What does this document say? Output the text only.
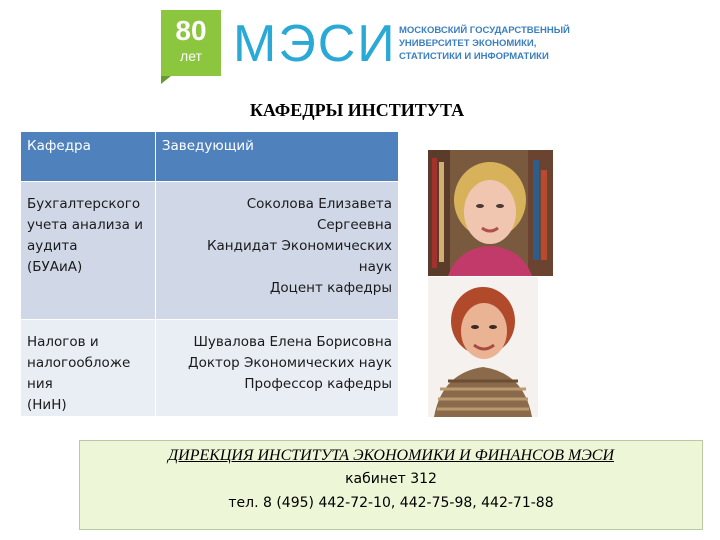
80
лет МЭСИ МОСКОВСКИЙ ГОСУДАРСТВЕННЫЙ
УНИВЕРСИТЕТ ЭКОНОМИКИ,
СТАТИСТИКИ И ИНФОРМАТИКИ
КАФЕДРЫ ИНСТИТУТА
Кафедра	Заведующий

Бухгалтерского
учета анализа и
аудита
(БУАиА)	Соколова Елизавета
Сергеевна
Кандидат Экономических
наук
Доцент кафедры

Налогов и
налогообложе
ния
(НиН)	Шувалова Елена Борисовна
Доктор Экономических наук
Профессор кафедры
ДИРЕКЦИЯ ИНСТИТУТА ЭКОНОМИКИ И ФИНАНСОВ МЭСИ
кабинет 312
тел. 8 (495) 442-72-10, 442-75-98, 442-71-88
